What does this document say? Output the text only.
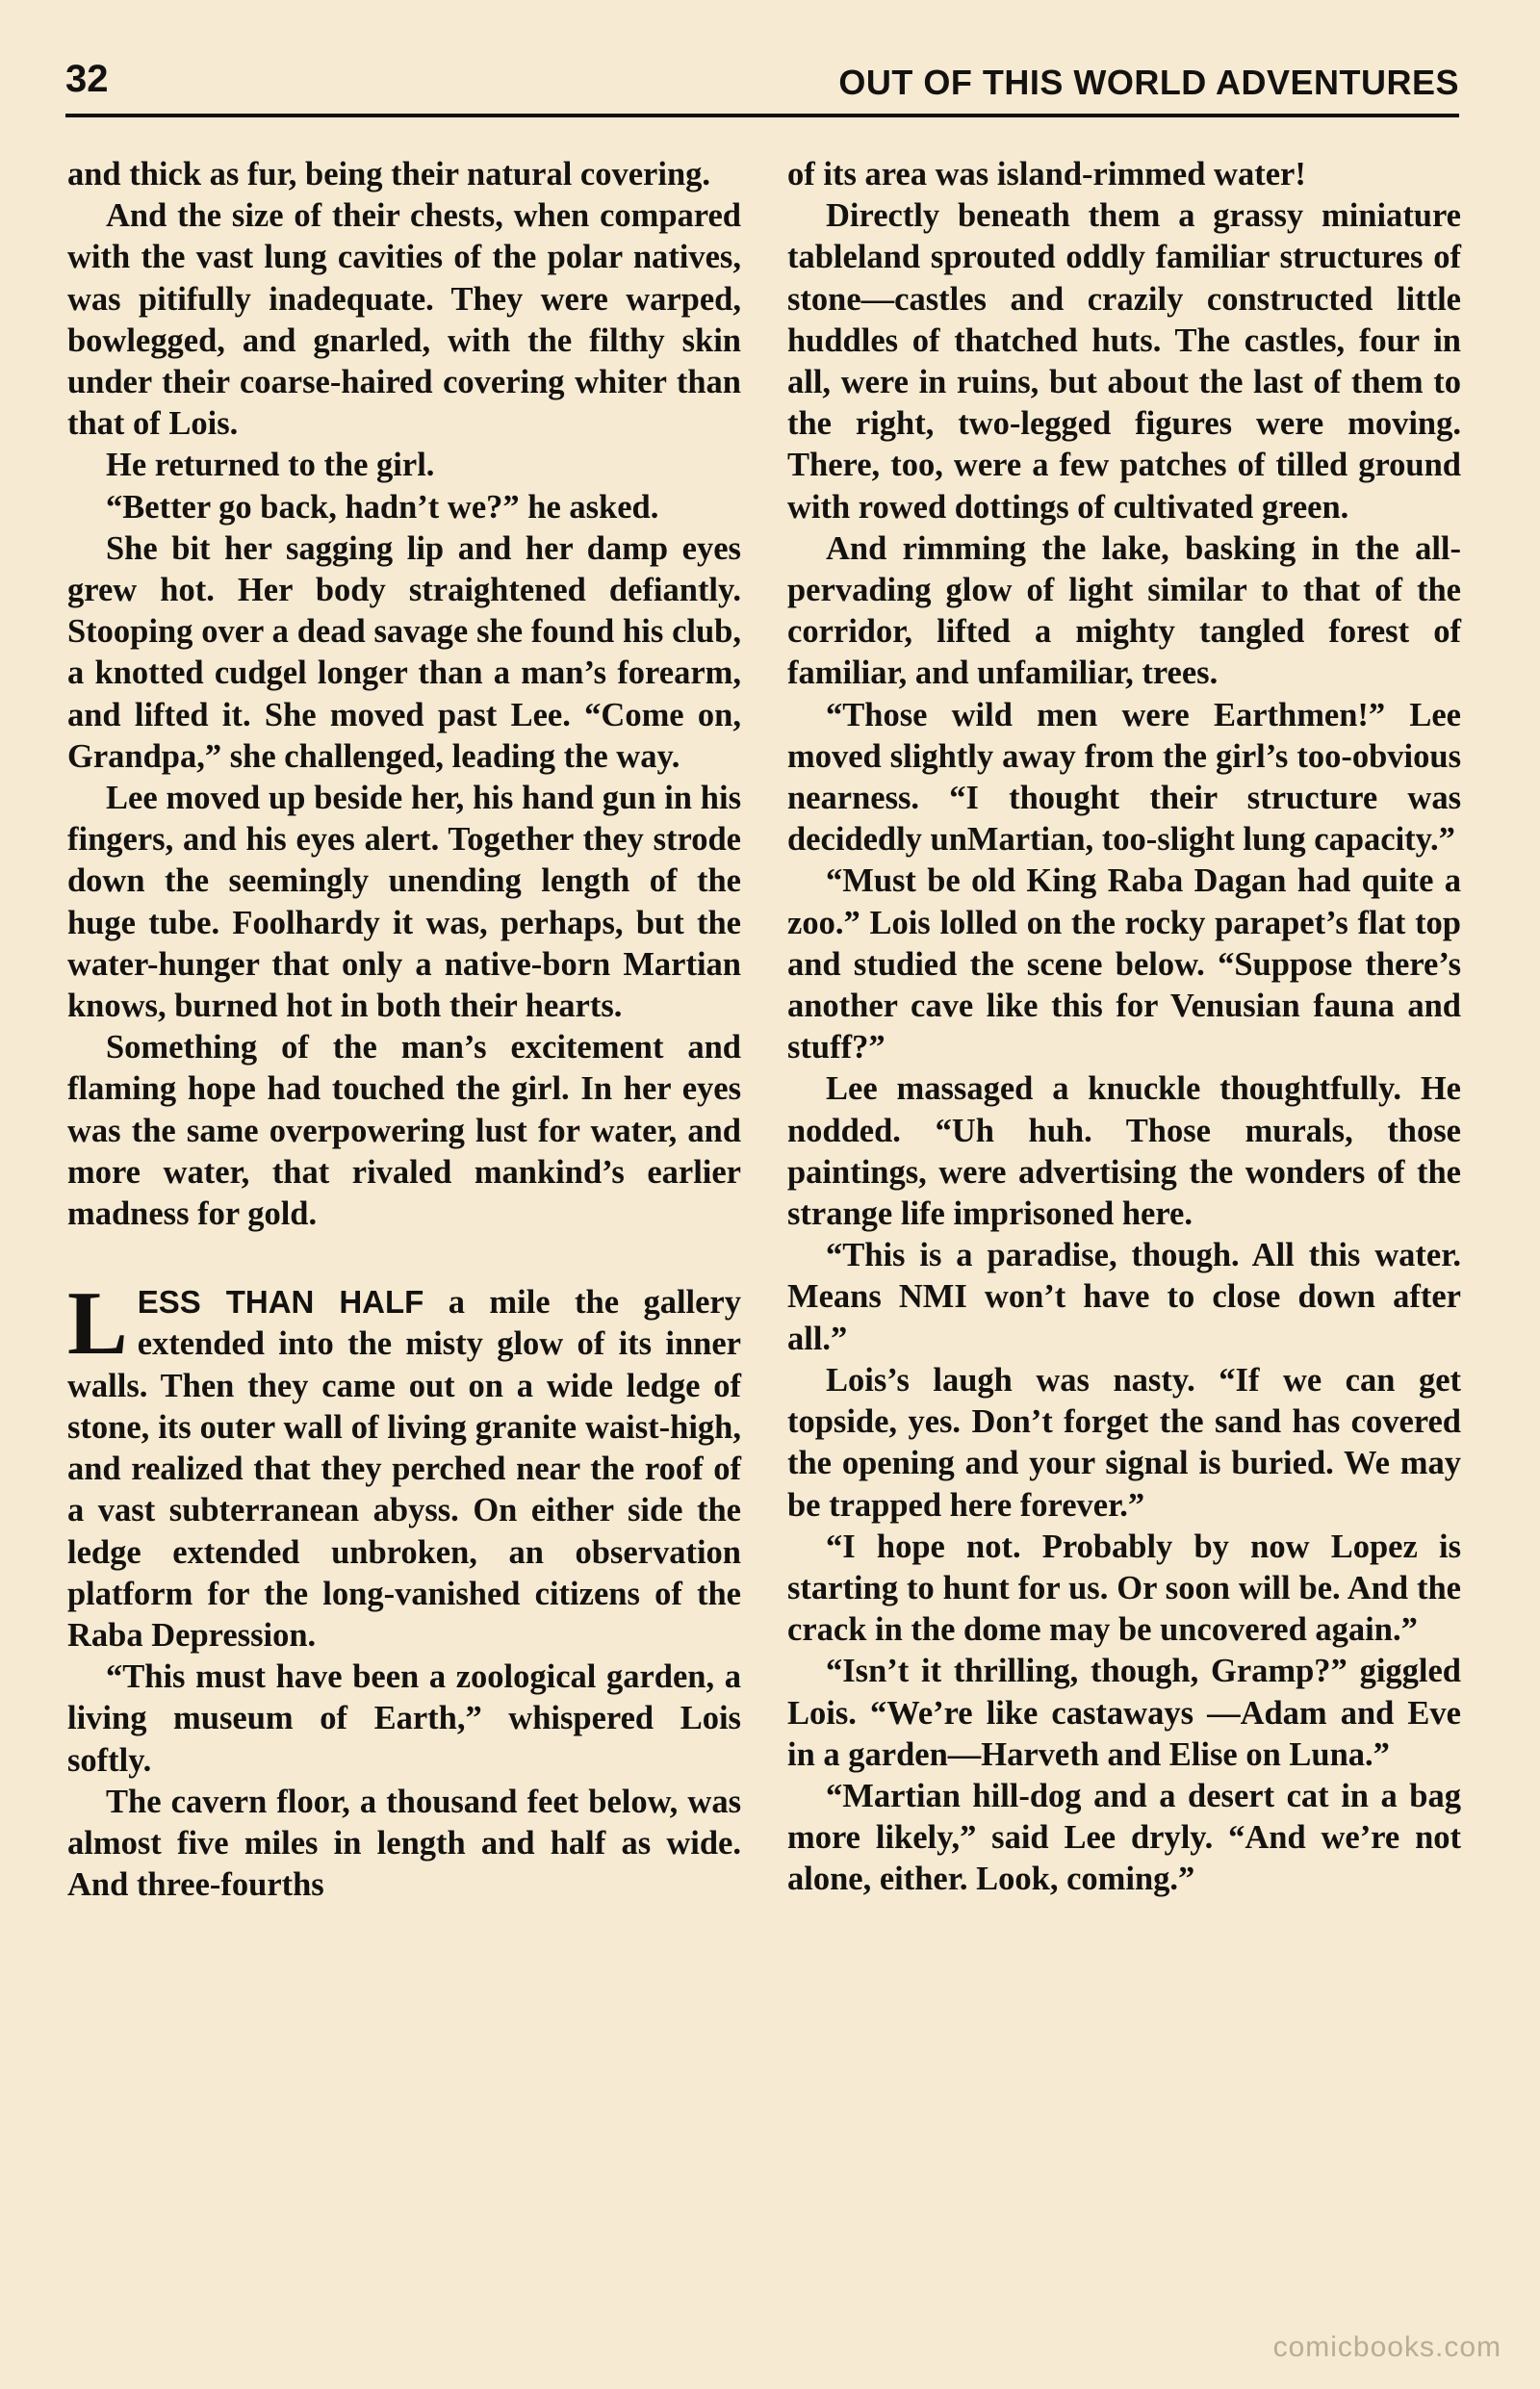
32	OUT OF THIS WORLD ADVENTURES

and thick as fur, being their natural covering.

And the size of their chests, when compared with the vast lung cavities of the polar natives, was pitifully inadequate. They were warped, bowlegged, and gnarled, with the filthy skin under their coarse-haired covering whiter than that of Lois.

He returned to the girl.

“Better go back, hadn’t we?” he asked.

She bit her sagging lip and her damp eyes grew hot. Her body straightened defiantly. Stooping over a dead savage she found his club, a knotted cudgel longer than a man’s forearm, and lifted it. She moved past Lee. “Come on, Grandpa,” she challenged, leading the way.

Lee moved up beside her, his hand gun in his fingers, and his eyes alert. Together they strode down the seemingly unending length of the huge tube. Foolhardy it was, perhaps, but the water-hunger that only a native-born Martian knows, burned hot in both their hearts.

Something of the man’s excitement and flaming hope had touched the girl. In her eyes was the same overpowering lust for water, and more water, that rivaled mankind’s earlier madness for gold.

LESS THAN HALF a mile the gallery extended into the misty glow of its inner walls. Then they came out on a wide ledge of stone, its outer wall of living granite waist-high, and realized that they perched near the roof of a vast subterranean abyss. On either side the ledge extended unbroken, an observation platform for the long-vanished citizens of the Raba Depression.

“This must have been a zoological garden, a living museum of Earth,” whispered Lois softly.

The cavern floor, a thousand feet below, was almost five miles in length and half as wide. And three-fourths

of its area was island-rimmed water!

Directly beneath them a grassy miniature tableland sprouted oddly familiar structures of stone—castles and crazily constructed little huddles of thatched huts. The castles, four in all, were in ruins, but about the last of them to the right, two-legged figures were moving. There, too, were a few patches of tilled ground with rowed dottings of cultivated green.

And rimming the lake, basking in the all-pervading glow of light similar to that of the corridor, lifted a mighty tangled forest of familiar, and unfamiliar, trees.

“Those wild men were Earthmen!” Lee moved slightly away from the girl’s too-obvious nearness. “I thought their structure was decidedly unMartian, too-slight lung capacity.”

“Must be old King Raba Dagan had quite a zoo.” Lois lolled on the rocky parapet’s flat top and studied the scene below. “Suppose there’s another cave like this for Venusian fauna and stuff?”

Lee massaged a knuckle thoughtfully. He nodded. “Uh huh. Those murals, those paintings, were advertising the wonders of the strange life imprisoned here.

“This is a paradise, though. All this water. Means NMI won’t have to close down after all.”

Lois’s laugh was nasty. “If we can get topside, yes. Don’t forget the sand has covered the opening and your signal is buried. We may be trapped here forever.”

“I hope not. Probably by now Lopez is starting to hunt for us. Or soon will be. And the crack in the dome may be uncovered again.”

“Isn’t it thrilling, though, Gramp?” giggled Lois. “We’re like castaways —Adam and Eve in a garden—Harveth and Elise on Luna.”

“Martian hill-dog and a desert cat in a bag more likely,” said Lee dryly. “And we’re not alone, either. Look, coming.”

comicbooks.com
